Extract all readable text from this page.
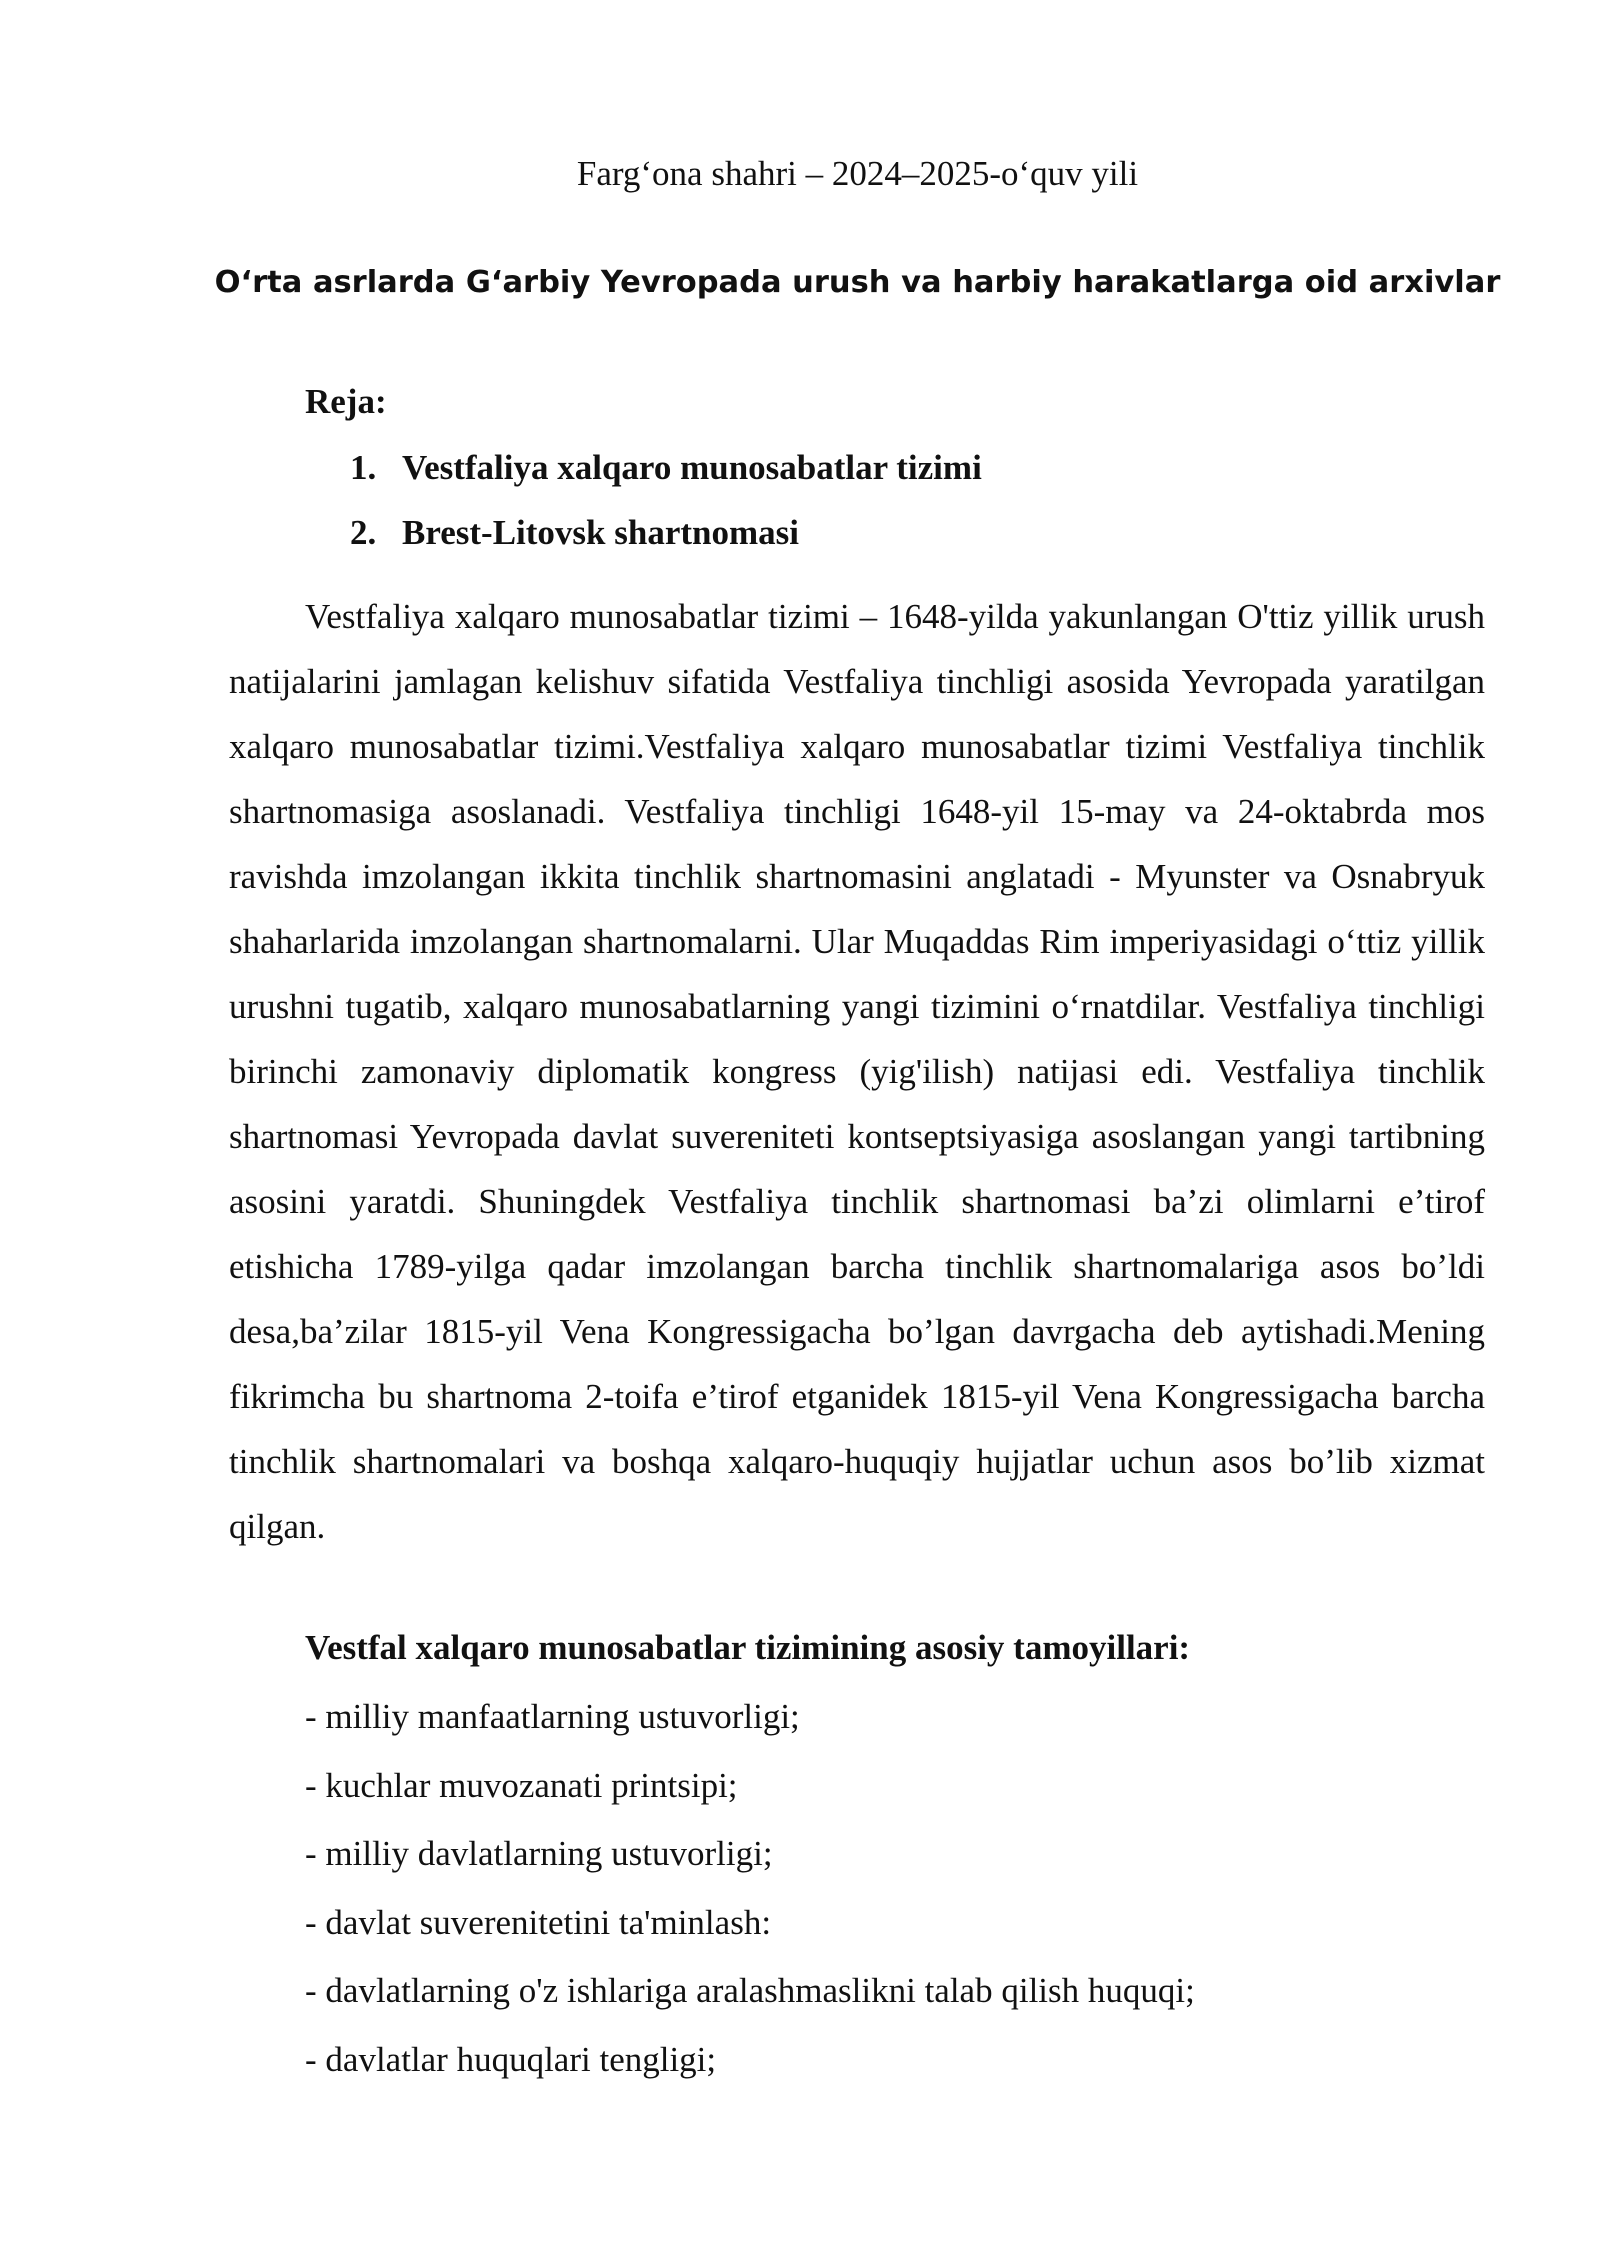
Farg‘ona shahri – 2024–2025-o‘quv yili
O‘rta asrlarda G‘arbiy Yevropada urush va harbiy harakatlarga oid arxivlar
Reja:
1. Vestfaliya xalqaro munosabatlar tizimi
2. Brest-Litovsk shartnomasi

Vestfaliya xalqaro munosabatlar tizimi – 1648-yilda yakunlangan O'ttiz yillik urush natijalarini jamlagan kelishuv sifatida Vestfaliya tinchligi asosida Yevropada yaratilgan xalqaro munosabatlar tizimi.Vestfaliya xalqaro munosabatlar tizimi Vestfaliya tinchlik shartnomasiga asoslanadi. Vestfaliya tinchligi 1648-yil 15-may va 24-oktabrda mos ravishda imzolangan ikkita tinchlik shartnomasini anglatadi - Myunster va Osnabryuk shaharlarida imzolangan shartnomalarni. Ular Muqaddas Rim imperiyasidagi o‘ttiz yillik urushni tugatib, xalqaro munosabatlarning yangi tizimini o‘rnatdilar. Vestfaliya tinchligi birinchi zamonaviy diplomatik kongress (yig'ilish) natijasi edi. Vestfaliya tinchlik shartnomasi Yevropada davlat suvereniteti kontseptsiyasiga asoslangan yangi tartibning asosini yaratdi. Shuningdek Vestfaliya tinchlik shartnomasi ba’zi olimlarni e’tirof etishicha 1789-yilga qadar imzolangan barcha tinchlik shartnomalariga asos bo’ldi desa,ba’zilar 1815-yil Vena Kongressigacha bo’lgan davrgacha deb aytishadi.Mening fikrimcha bu shartnoma 2-toifa e’tirof etganidek 1815-yil Vena Kongressigacha barcha tinchlik shartnomalari va boshqa xalqaro-huquqiy hujjatlar uchun asos bo’lib xizmat qilgan.

Vestfal xalqaro munosabatlar tizimining asosiy tamoyillari:
- milliy manfaatlarning ustuvorligi;
- kuchlar muvozanati printsipi;
- milliy davlatlarning ustuvorligi;
- davlat suverenitetini ta'minlash:
- davlatlarning o'z ishlariga aralashmaslikni talab qilish huquqi;
- davlatlar huquqlari tengligi;
